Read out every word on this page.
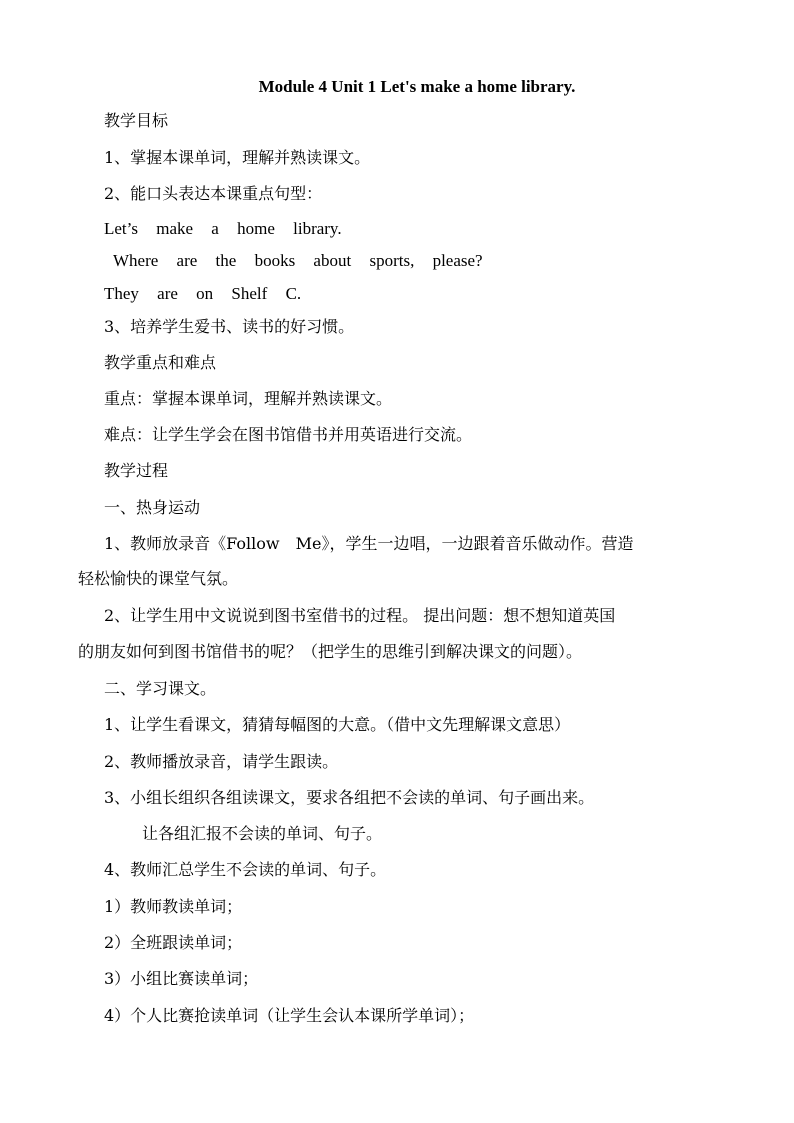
Module 4 Unit 1 Let's make a home library.
教学目标
1、掌握本课单词，理解并熟读课文。
2、能口头表达本课重点句型：
Let’s make a home library.
Where are the books about sports, please?
They are on Shelf C.
3、培养学生爱书、读书的好习惯。
教学重点和难点
重点：掌握本课单词，理解并熟读课文。
难点：让学生学会在图书馆借书并用英语进行交流。
教学过程
一、热身运动
1、教师放录音《Follow　Me》，学生一边唱，一边跟着音乐做动作。营造
轻松愉快的课堂气氛。
2、让学生用中文说说到图书室借书的过程。 提出问题：想不想知道英国
的朋友如何到图书馆借书的呢？（把学生的思维引到解决课文的问题）。
二、学习课文。
1、让学生看课文，猜猜每幅图的大意。（借中文先理解课文意思）
2、教师播放录音，请学生跟读。
3、小组长组织各组读课文，要求各组把不会读的单词、句子画出来。
让各组汇报不会读的单词、句子。
4、教师汇总学生不会读的单词、句子。
1）教师教读单词；
2）全班跟读单词；
3）小组比赛读单词；
4）个人比赛抢读单词（让学生会认本课所学单词）；
